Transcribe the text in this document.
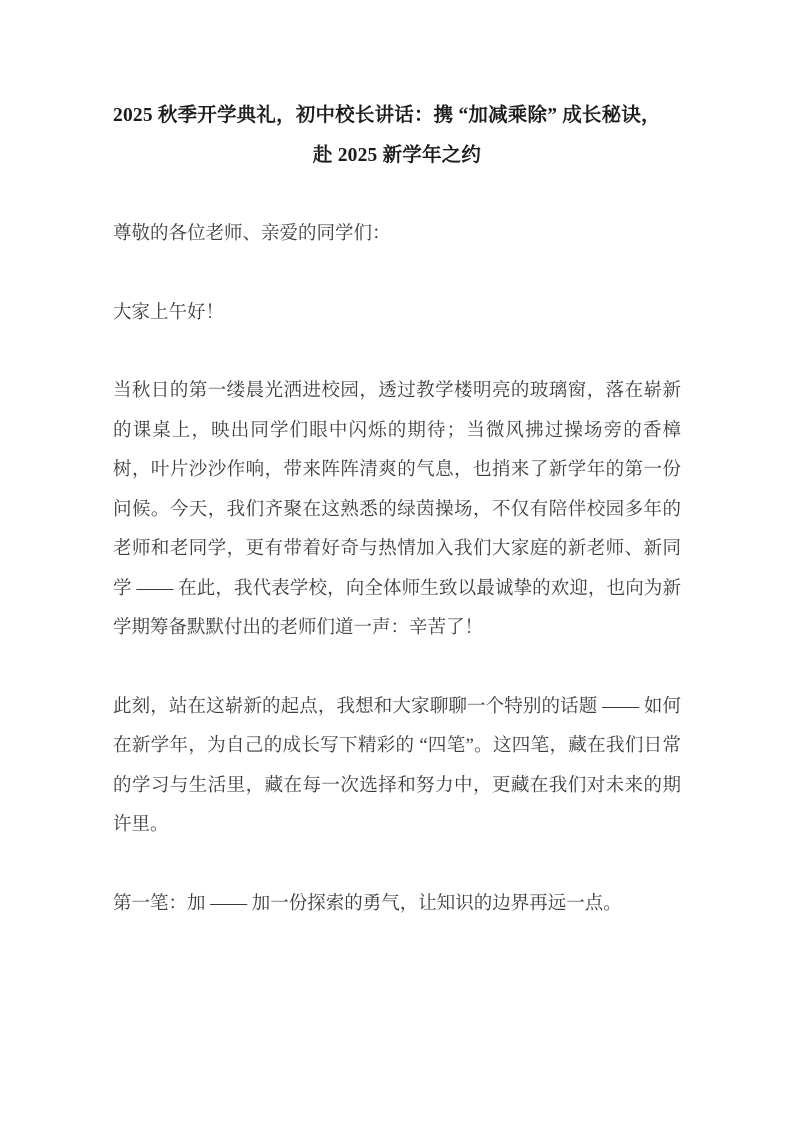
2025 秋季开学典礼，初中校长讲话：携 “加减乘除” 成长秘诀，
赴 2025 新学年之约

尊敬的各位老师、亲爱的同学们：

大家上午好！

当秋日的第一缕晨光洒进校园，透过教学楼明亮的玻璃窗，落在崭新的课桌上，映出同学们眼中闪烁的期待；当微风拂过操场旁的香樟树，叶片沙沙作响，带来阵阵清爽的气息，也捎来了新学年的第一份问候。今天，我们齐聚在这熟悉的绿茵操场，不仅有陪伴校园多年的老师和老同学，更有带着好奇与热情加入我们大家庭的新老师、新同学 —— 在此，我代表学校，向全体师生致以最诚挚的欢迎，也向为新学期筹备默默付出的老师们道一声：辛苦了！

此刻，站在这崭新的起点，我想和大家聊聊一个特别的话题 —— 如何在新学年，为自己的成长写下精彩的 “四笔”。这四笔，藏在我们日常的学习与生活里，藏在每一次选择和努力中，更藏在我们对未来的期许里。

第一笔：加 —— 加一份探索的勇气，让知识的边界再远一点。
